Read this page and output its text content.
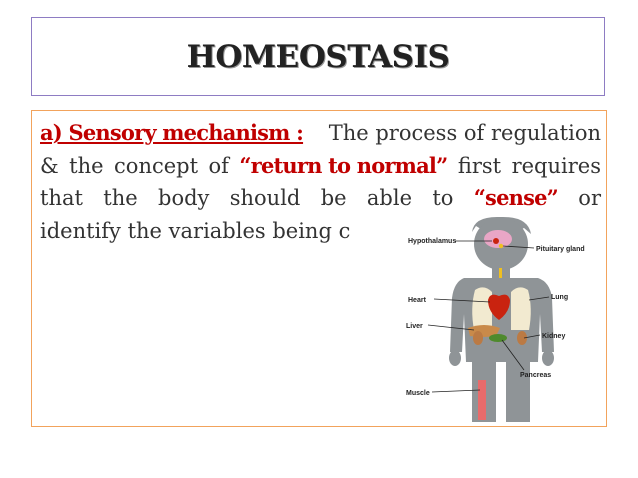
HOMEOSTASIS
a) Sensory mechanism :	The process of regulation
& the concept of “return to normal” first requires
that the body should be able to “sense” or
identify the variables being c	Hypothalamus
Pituitary gland
Heart	Lung
Liver
Kidney
Pancreas
Muscle
